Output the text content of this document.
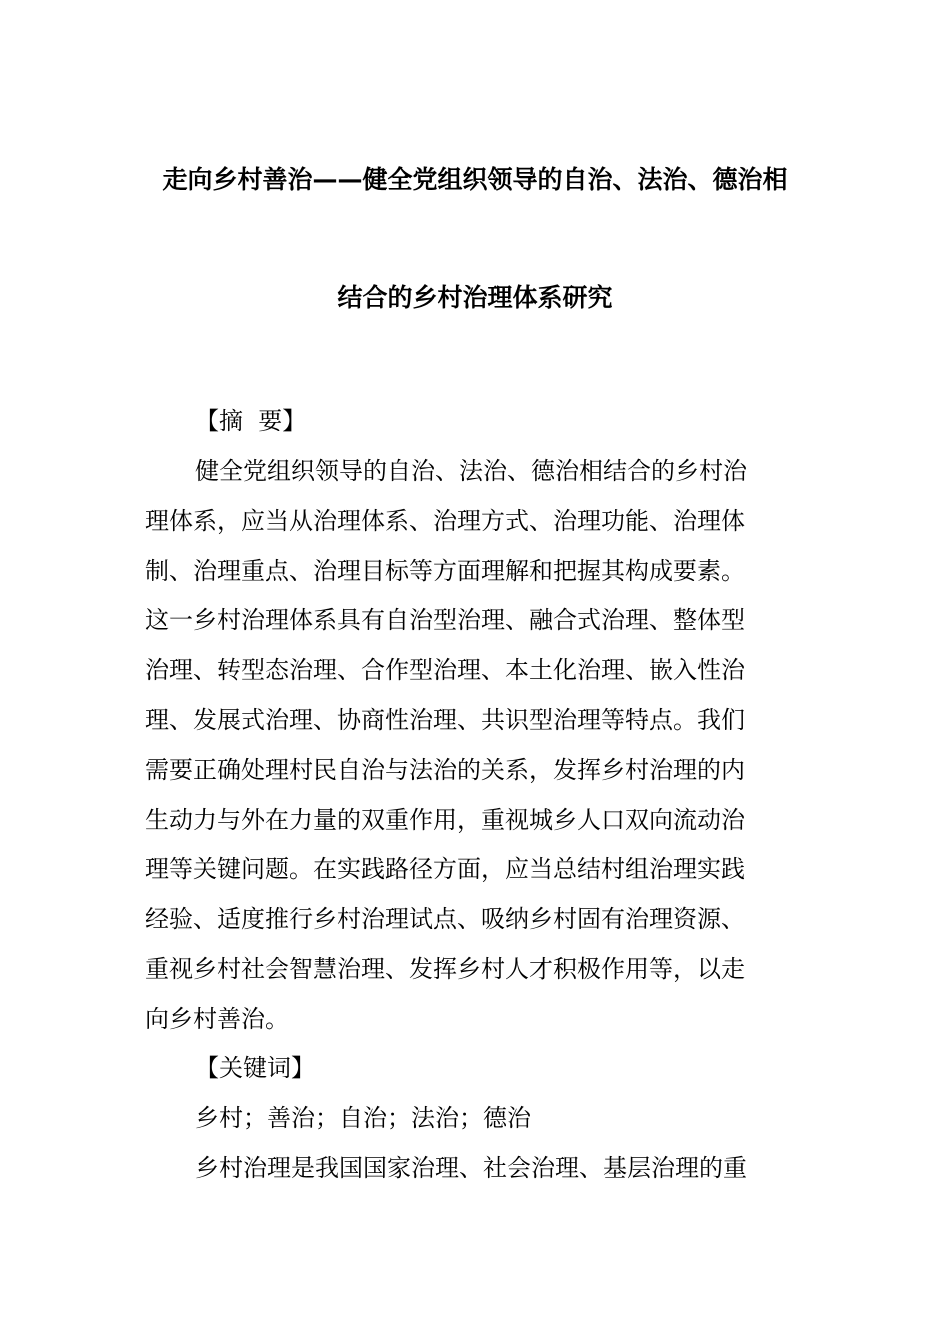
走向乡村善治——健全党组织领导的自治、法治、德治相
结合的乡村治理体系研究
【摘  要】
健全党组织领导的自治、法治、德治相结合的乡村治
理体系，应当从治理体系、治理方式、治理功能、治理体
制、治理重点、治理目标等方面理解和把握其构成要素。
这一乡村治理体系具有自治型治理、融合式治理、整体型
治理、转型态治理、合作型治理、本土化治理、嵌入性治
理、发展式治理、协商性治理、共识型治理等特点。我们
需要正确处理村民自治与法治的关系，发挥乡村治理的内
生动力与外在力量的双重作用，重视城乡人口双向流动治
理等关键问题。在实践路径方面，应当总结村组治理实践
经验、适度推行乡村治理试点、吸纳乡村固有治理资源、
重视乡村社会智慧治理、发挥乡村人才积极作用等，以走
向乡村善治。
【关键词】
乡村；善治；自治；法治；德治
乡村治理是我国国家治理、社会治理、基层治理的重
